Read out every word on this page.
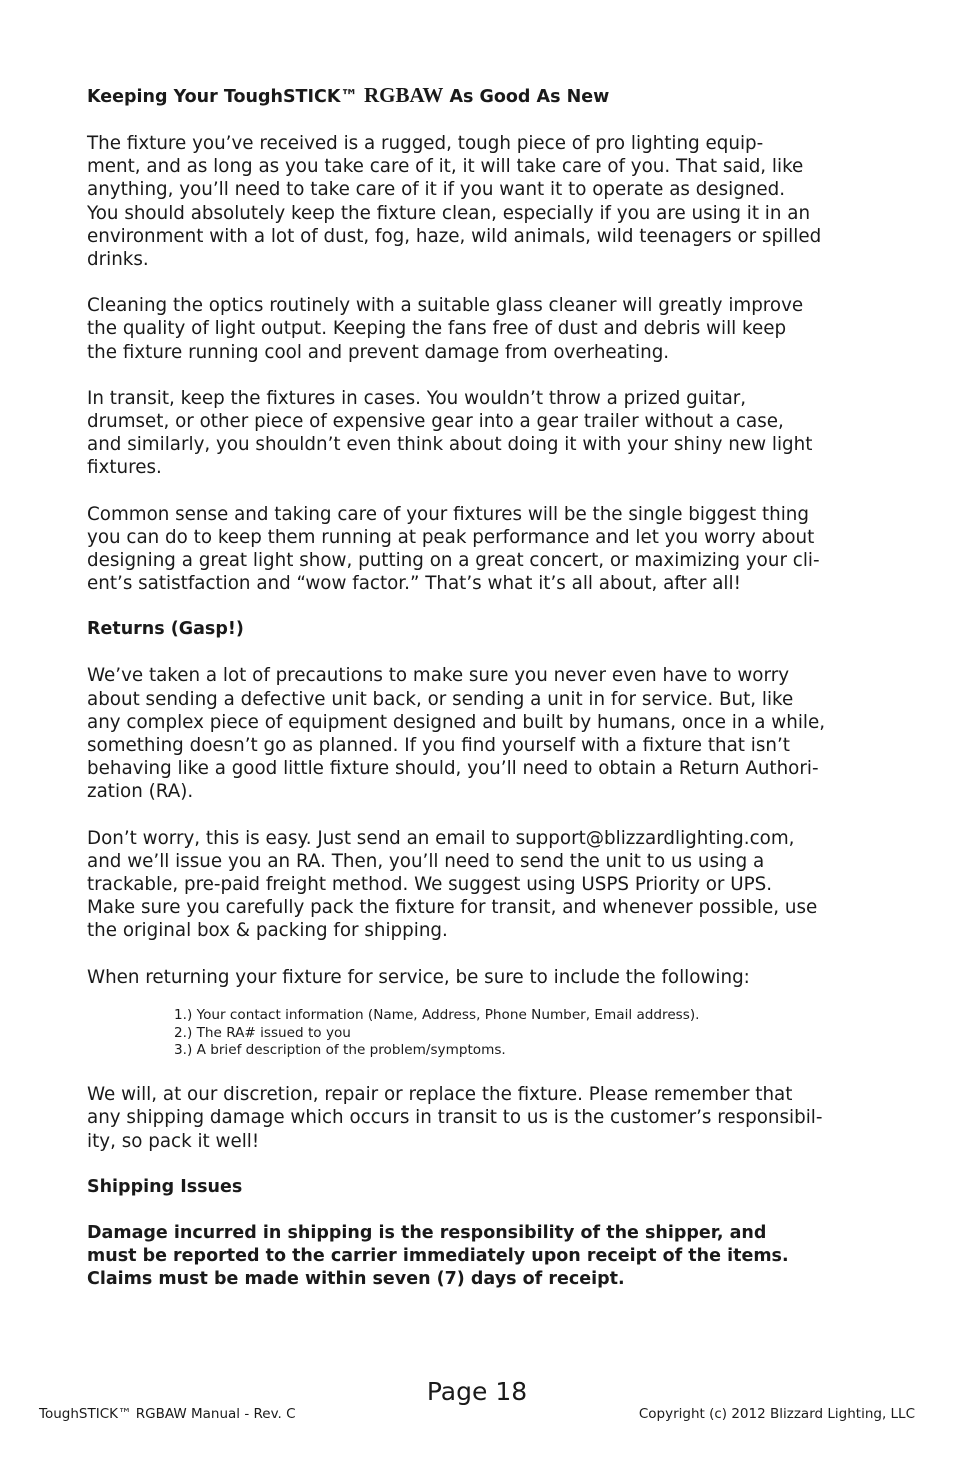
Keeping Your ToughSTICK™ RGBAW As Good As New

The fixture you’ve received is a rugged, tough piece of pro lighting equip-
ment, and as long as you take care of it, it will take care of you. That said, like
anything, you’ll need to take care of it if you want it to operate as designed.
You should absolutely keep the fixture clean, especially if you are using it in an
environment with a lot of dust, fog, haze, wild animals, wild teenagers or spilled
drinks.

Cleaning the optics routinely with a suitable glass cleaner will greatly improve
the quality of light output. Keeping the fans free of dust and debris will keep
the fixture running cool and prevent damage from overheating.

In transit, keep the fixtures in cases. You wouldn’t throw a prized guitar,
drumset, or other piece of expensive gear into a gear trailer without a case,
and similarly, you shouldn’t even think about doing it with your shiny new light
fixtures.

Common sense and taking care of your fixtures will be the single biggest thing
you can do to keep them running at peak performance and let you worry about
designing a great light show, putting on a great concert, or maximizing your cli-
ent’s satistfaction and “wow factor.” That’s what it’s all about, after all!

Returns (Gasp!)

We’ve taken a lot of precautions to make sure you never even have to worry
about sending a defective unit back, or sending a unit in for service. But, like
any complex piece of equipment designed and built by humans, once in a while,
something doesn’t go as planned. If you find yourself with a fixture that isn’t
behaving like a good little fixture should, you’ll need to obtain a Return Authori-
zation (RA).

Don’t worry, this is easy. Just send an email to support@blizzardlighting.com,
and we’ll issue you an RA. Then, you’ll need to send the unit to us using a
trackable, pre-paid freight method. We suggest using USPS Priority or UPS.
Make sure you carefully pack the fixture for transit, and whenever possible, use
the original box & packing for shipping.

When returning your fixture for service, be sure to include the following:

1.) Your contact information (Name, Address, Phone Number, Email address).
2.) The RA# issued to you
3.) A brief description of the problem/symptoms.

We will, at our discretion, repair or replace the fixture. Please remember that
any shipping damage which occurs in transit to us is the customer’s responsibil-
ity, so pack it well!

Shipping Issues

Damage incurred in shipping is the responsibility of the shipper, and
must be reported to the carrier immediately upon receipt of the items.
Claims must be made within seven (7) days of receipt.

Page 18
ToughSTICK™ RGBAW Manual - Rev. C	Copyright (c) 2012 Blizzard Lighting, LLC
